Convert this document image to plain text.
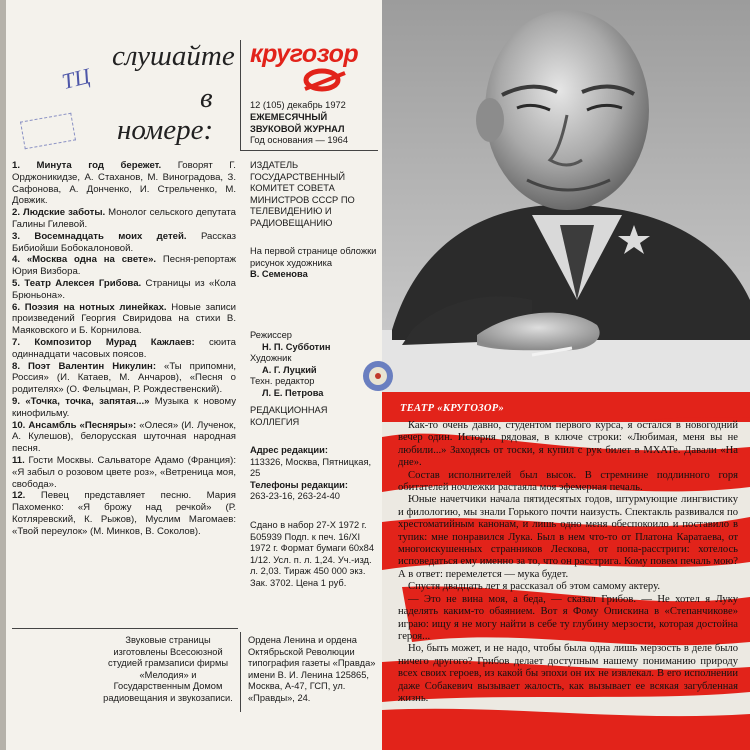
слушайте
в
номере:
ТЦ
кругозор
12 (105) декабрь 1972
ЕЖЕМЕСЯЧНЫЙ ЗВУКОВОЙ ЖУРНАЛ
Год основания — 1964
ИЗДАТЕЛЬ ГОСУДАРСТВЕННЫЙ КОМИТЕТ СОВЕТА МИНИСТРОВ СССР ПО ТЕЛЕВИДЕНИЮ И РАДИОВЕЩАНИЮ
На первой странице обложки рисунок художника
В. Семенова
Режиссер
Н. П. Субботин
Художник
А. Г. Луцкий
Техн. редактор
Л. Е. Петрова
РЕДАКЦИОННАЯ КОЛЛЕГИЯ
Адрес редакции:
113326, Москва, Пятницкая, 25
Телефоны редакции:
263-23-16, 263-24-40
Сдано в набор 27-X 1972 г. Б05939 Подп. к печ. 16/XI 1972 г. Формат бумаги 60х84 1/12. Усл. п. л. 1,24. Уч.-изд. л. 2,03. Тираж 450 000 экз. Зак. 3702. Цена 1 руб.
1. Минута год бережет. Говорят Г. Орджоникидзе, А. Стаханов, М. Виноградова, З. Сафонова, А. Донченко, И. Стрельченко, М. Довжик.
2. Людские заботы. Монолог сельского депутата Галины Гилевой.
3. Восемнадцать моих детей. Рассказ Бибиойши Бобокалоновой.
4. «Москва одна на свете». Песня-репортаж Юрия Визбора.
5. Театр Алексея Грибова. Страницы из «Кола Брюньона».
6. Поэзия на нотных линейках. Новые записи произведений Георгия Свиридова на стихи В. Маяковского и Б. Корнилова.
7. Композитор Мурад Кажлаев: сюита одиннадцати часовых поясов.
8. Поэт Валентин Никулин: «Ты припомни, Россия» (И. Катаев, М. Анчаров), «Песня о родителях» (О. Фельцман, Р. Рождественский).
9. «Точка, точка, запятая...» Музыка к новому кинофильму.
10. Ансамбль «Песняры»: «Олеся» (И. Лученок, А. Кулешов), белорусская шуточная народная песня.
11. Гости Москвы. Сальваторе Адамо (Франция): «Я забыл о розовом цвете роз», «Ветреница моя, свобода».
12. Певец представляет песню. Мария Пахоменко: «Я брожу над речкой» (Р. Котляревский, К. Рыжов), Муслим Магомаев: «Твой переулок» (М. Минков, В. Соколов).
Звуковые страницы изготовлены Всесоюзной студией грамзаписи фирмы «Мелодия» и Государственным Домом радиовещания и звукозаписи.
Ордена Ленина и ордена Октябрьской Революции типография газеты «Правда» имени В. И. Ленина 125865, Москва, А-47, ГСП, ул. «Правды», 24.
ТЕАТР «КРУГОЗОР»

Как-то очень давно, студентом первого курса, я остался в новогодний вечер один. История рядовая, в ключе строки: «Любимая, меня вы не любили...» Заходясь от тоски, я купил с рук билет в МХАТе. Давали «На дне».

Состав исполнителей был высок. В стремнине подлинного горя обитателей ночлежки растаяла моя эфемерная печаль.

Юные начетчики начала пятидесятых годов, штурмующие лингвистику и филологию, мы знали Горького почти наизусть. Спектакль развивался по хрестоматийным канонам, и лишь одно меня обеспокоило и поставило в тупик: мне понравился Лука. Был в нем что-то от Платона Каратаева, от многоискушенных странников Лескова, от попа-расстриги: хотелось исповедаться ему именно за то, что он расстрига. Кому повем печаль мою? А в ответ: перемелется — мука будет.

Спустя двадцать лет я рассказал об этом самому актеру.

— Это не вина моя, а беда, — сказал Грибов. — Не хотел я Луку наделять каким-то обаянием. Вот я Фому Опискина в «Степанчикове» играю: ищу я не могу найти в себе ту глубину мерзости, которая достойна героя...

Но, быть может, и не надо, чтобы была одна лишь мерзость в деле было ничего другого? Грибов делает доступным нашему пониманию природу всех своих героев, из какой бы эпохи он их не извлекал. В его исполнении даже Собакевич вызывает жалость, как вызывает ее всякая загубленная жизнь.
